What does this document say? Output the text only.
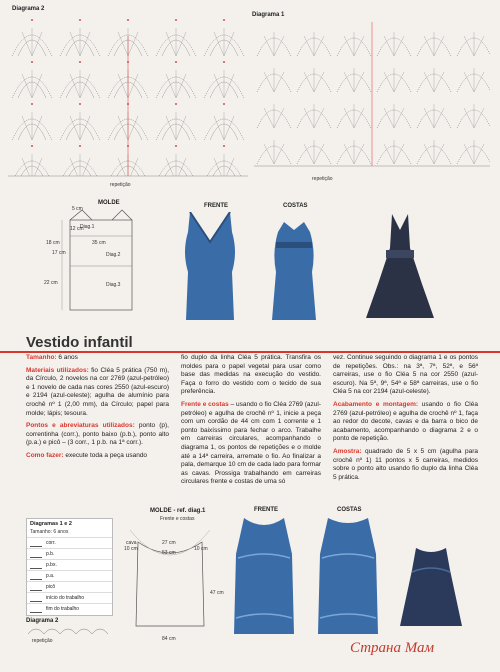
Diagrama 2
Diagrama 1
repetição
repetição
MOLDE
5 cm
12 cm
35 cm
18 cm
17 cm
22 cm
Diag.1
Diag.2
Diag.3
FRENTE	COSTAS
Vestido infantil

Tamanho: 6 anos

Materiais utilizados: fio Cléa 5 prática (750 m), da Círculo, 2 novelos na cor 2769 (azul-petróleo) e 1 novelo de cada nas cores 2550 (azul-escuro) e 2194 (azul-celeste); agulha de alumínio para crochê nº 1 (2,00 mm), da Círculo; papel para molde; lápis; tesoura.

Pontos e abreviaturas utilizados: ponto (p), correntinha (corr.), ponto baixo (p.b.), ponto alto (p.a.) e picô – (3 corr., 1 p.b. na 1ª corr.).

Como fazer: execute toda a peça usando

fio duplo da linha Cléa 5 prática. Transfira os moldes para o papel vegetal para usar como base das medidas na execução do vestido. Faça o forro do vestido com o tecido de sua preferência.

Frente e costas – usando o fio Cléa 2769 (azul-petróleo) e agulha de crochê nº 1, inicie a peça com um cordão de 44 cm com 1 corrente e 1 ponto baixíssimo para fechar o arco. Trabalhe em carreiras circulares, acompanhando o diagrama 1, os pontos de repetições e o molde até a 14ª carreira, arremate o fio. Ao finalizar a pala, demarque 10 cm de cada lado para formar as cavas. Prossiga trabalhando em carreiras circulares frente e costas de uma só

vez. Continue seguindo o diagrama 1 e os pontos de repetições. Obs.: na 3ª, 7ª, 52ª, e 56ª carreiras, use o fio Cléa 5 na cor 2550 (azul-escuro). Na 5ª, 9ª, 54ª e 58ª carreiras, use o fio Cléa 5 na cor 2194 (azul-celeste).

Acabamento e montagem: usando o fio Cléa 2769 (azul-petróleo) e agulha de crochê nº 1, faça ao redor do decote, cavas e da barra o bico de acabamento, acompanhando o diagrama 2 e o ponto de repetição.

Amostra: quadrado de 5 x 5 cm (agulha para crochê nº 1) 11 pontos x 5 carreiras, medidos sobre o ponto alto usando fio duplo da linha Cléa 5 prática.

Diagramas 1 e 2
Tamanho: 6 anos
corr.
p.b.
p.bx.
p.a.
picô
início do trabalho
fim do trabalho
MOLDE - ref. diag.1
Frente e costas
cava
10 cm	10 cm
27 cm
53 cm
47 cm
84 cm
Diagrama 2
repetição
FRENTE	COSTAS
Страна Мам
